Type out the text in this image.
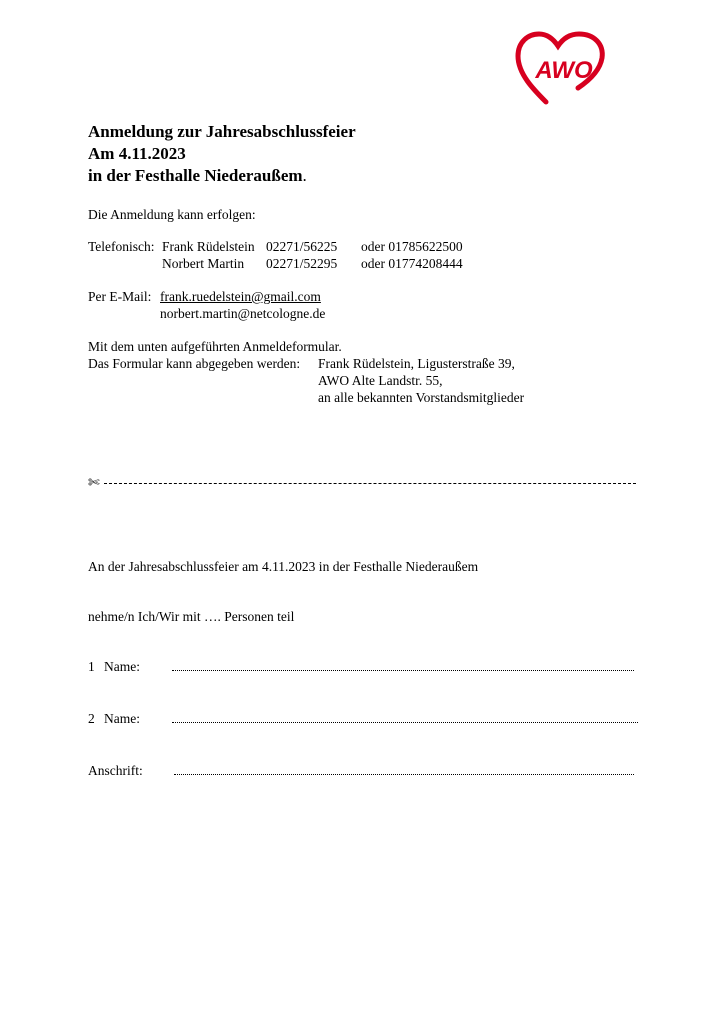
AWO
Anmeldung zur Jahresabschlussfeier
Am 4.11.2023
in der Festhalle Niederaußem.
Die Anmeldung kann erfolgen:
Telefonisch: Frank Rüdelstein 02271/56225 oder 01785622500
Norbert Martin 02271/52295 oder 01774208444
Per E-Mail: frank.ruedelstein@gmail.com
norbert.martin@netcologne.de
Mit dem unten aufgeführten Anmeldeformular.
Das Formular kann abgegeben werden: Frank Rüdelstein, Ligusterstraße 39,
AWO Alte Landstr. 55,
an alle bekannten Vorstandsmitglieder
✄
An der Jahresabschlussfeier am 4.11.2023 in der Festhalle Niederaußem
nehme/n Ich/Wir mit …. Personen teil
1 Name:
2 Name:
Anschrift:
